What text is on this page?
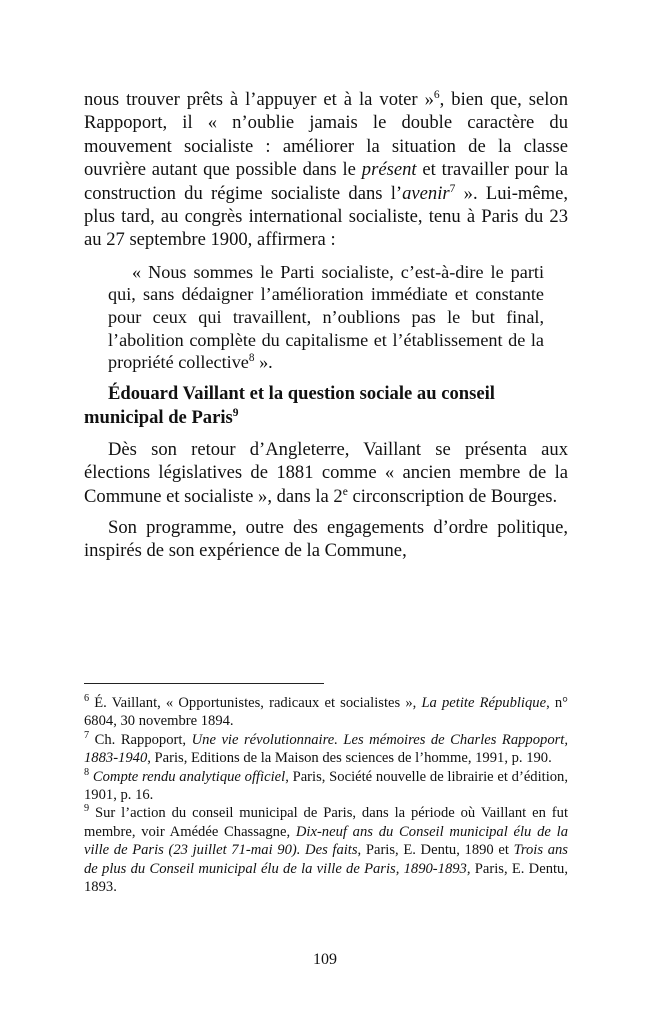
nous trouver prêts à l’appuyer et à la voter »$^6$, bien que, selon Rappoport, il « n’oublie jamais le double caractère du mouvement socialiste : améliorer la situation de la classe ouvrière autant que possible dans le présent et travailler pour la construction du régime socialiste dans l’avenir$^7$ ». Lui-même, plus tard, au congrès international socialiste, tenu à Paris du 23 au 27 septembre 1900, affirmera :

« Nous sommes le Parti socialiste, c’est-à-dire le parti qui, sans dédaigner l’amélioration immédiate et constante pour ceux qui travaillent, n’oublions pas le but final, l’abolition complète du capitalisme et l’établissement de la propriété collective$^8$ ».

Édouard Vaillant et la question sociale au conseil municipal de Paris$^9$

Dès son retour d’Angleterre, Vaillant se présenta aux élections législatives de 1881 comme « ancien membre de la Commune et socialiste », dans la 2e circonscription de Bourges.

Son programme, outre des engagements d’ordre politique, inspirés de son expérience de la Commune,

$^6$ É. Vaillant, « Opportunistes, radicaux et socialistes », La petite République, n° 6804, 30 novembre 1894.

$^7$ Ch. Rappoport, Une vie révolutionnaire. Les mémoires de Charles Rappoport, 1883-1940, Paris, Editions de la Maison des sciences de l’homme, 1991, p. 190.

$^8$ Compte rendu analytique officiel, Paris, Société nouvelle de librairie et d’édition, 1901, p. 16.

$^9$ Sur l’action du conseil municipal de Paris, dans la période où Vaillant en fut membre, voir Amédée Chassagne, Dix-neuf ans du Conseil municipal élu de la ville de Paris (23 juillet 71-mai 90). Des faits, Paris, E. Dentu, 1890 et Trois ans de plus du Conseil municipal élu de la ville de Paris, 1890-1893, Paris, E. Dentu, 1893.

109
